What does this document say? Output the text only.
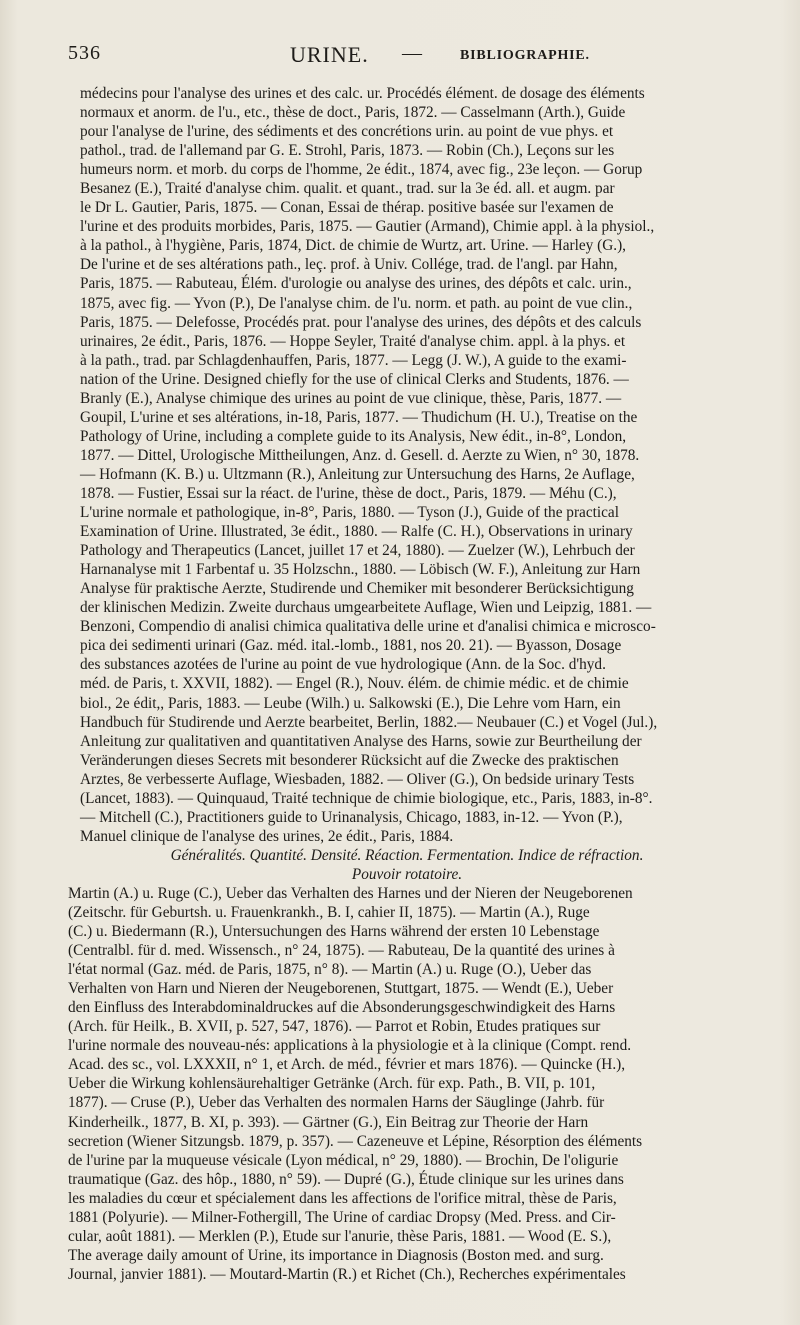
536	URINE. —	BIBLIOGRAPHIE.
médecins pour l'analyse des urines et des calc. ur. Procédés élément. de dosage des éléments
normaux et anorm. de l'u., etc., thèse de doct., Paris, 1872. — Casselmann (Arth.), Guide
pour l'analyse de l'urine, des sédiments et des concrétions urin. au point de vue phys. et
pathol., trad. de l'allemand par G. E. Strohl, Paris, 1873. — Robin (Ch.), Leçons sur les
humeurs norm. et morb. du corps de l'homme, 2e édit., 1874, avec fig., 23e leçon. — Gorup
Besanez (E.), Traité d'analyse chim. qualit. et quant., trad. sur la 3e éd. all. et augm. par
le Dr L. Gautier, Paris, 1875. — Conan, Essai de thérap. positive basée sur l'examen de
l'urine et des produits morbides, Paris, 1875. — Gautier (Armand), Chimie appl. à la physiol.,
à la pathol., à l'hygiène, Paris, 1874, Dict. de chimie de Wurtz, art. Urine. — Harley (G.),
De l'urine et de ses altérations path., leç. prof. à Univ. Collége, trad. de l'angl. par Hahn,
Paris, 1875. — Rabuteau, Élém. d'urologie ou analyse des urines, des dépôts et calc. urin.,
1875, avec fig. — Yvon (P.), De l'analyse chim. de l'u. norm. et path. au point de vue clin.,
Paris, 1875. — Delefosse, Procédés prat. pour l'analyse des urines, des dépôts et des calculs
urinaires, 2e édit., Paris, 1876. — Hoppe Seyler, Traité d'analyse chim. appl. à la phys. et
à la path., trad. par Schlagdenhauffen, Paris, 1877. — Legg (J. W.), A guide to the exami-
nation of the Urine. Designed chiefly for the use of clinical Clerks and Students, 1876. —
Branly (E.), Analyse chimique des urines au point de vue clinique, thèse, Paris, 1877. —
Goupil, L'urine et ses altérations, in-18, Paris, 1877. — Thudichum (H. U.), Treatise on the
Pathology of Urine, including a complete guide to its Analysis, New édit., in-8°, London,
1877. — Dittel, Urologische Mittheilungen, Anz. d. Gesell. d. Aerzte zu Wien, n° 30, 1878.
— Hofmann (K. B.) u. Ultzmann (R.), Anleitung zur Untersuchung des Harns, 2e Auflage,
1878. — Fustier, Essai sur la réact. de l'urine, thèse de doct., Paris, 1879. — Méhu (C.),
L'urine normale et pathologique, in-8°, Paris, 1880. — Tyson (J.), Guide of the practical
Examination of Urine. Illustrated, 3e édit., 1880. — Ralfe (C. H.), Observations in urinary
Pathology and Therapeutics (Lancet, juillet 17 et 24, 1880). — Zuelzer (W.), Lehrbuch der
Harnanalyse mit 1 Farbentaf u. 35 Holzschn., 1880. — Löbisch (W. F.), Anleitung zur Harn
Analyse für praktische Aerzte, Studirende und Chemiker mit besonderer Berücksichtigung
der klinischen Medizin. Zweite durchaus umgearbeitete Auflage, Wien und Leipzig, 1881. —
Benzoni, Compendio di analisi chimica qualitativa delle urine et d'analisi chimica e microsco-
pica dei sedimenti urinari (Gaz. méd. ital.-lomb., 1881, nos 20. 21). — Byasson, Dosage
des substances azotées de l'urine au point de vue hydrologique (Ann. de la Soc. d'hyd.
méd. de Paris, t. XXVII, 1882). — Engel (R.), Nouv. élém. de chimie médic. et de chimie
biol., 2e édit,, Paris, 1883. — Leube (Wilh.) u. Salkowski (E.), Die Lehre vom Harn, ein
Handbuch für Studirende und Aerzte bearbeitet, Berlin, 1882.— Neubauer (C.) et Vogel (Jul.),
Anleitung zur qualitativen and quantitativen Analyse des Harns, sowie zur Beurtheilung der
Veränderungen dieses Secrets mit besonderer Rücksicht auf die Zwecke des praktischen
Arztes, 8e verbesserte Auflage, Wiesbaden, 1882. — Oliver (G.), On bedside urinary Tests
(Lancet, 1883). — Quinquaud, Traité technique de chimie biologique, etc., Paris, 1883, in-8°.
— Mitchell (C.), Practitioners guide to Urinanalysis, Chicago, 1883, in-12. — Yvon (P.),
Manuel clinique de l'analyse des urines, 2e édit., Paris, 1884.
Généralités. Quantité. Densité. Réaction. Fermentation. Indice de réfraction.
Pouvoir rotatoire.
Martin (A.) u. Ruge (C.), Ueber das Verhalten des Harnes und der Nieren der Neugeborenen
(Zeitschr. für Geburtsh. u. Frauenkrankh., B. I, cahier II, 1875). — Martin (A.), Ruge
(C.) u. Biedermann (R.), Untersuchungen des Harns während der ersten 10 Lebenstage
(Centralbl. für d. med. Wissensch., n° 24, 1875). — Rabuteau, De la quantité des urines à
l'état normal (Gaz. méd. de Paris, 1875, n° 8). — Martin (A.) u. Ruge (O.), Ueber das
Verhalten von Harn und Nieren der Neugeborenen, Stuttgart, 1875. — Wendt (E.), Ueber
den Einfluss des Interabdominaldruckes auf die Absonderungsgeschwindigkeit des Harns
(Arch. für Heilk., B. XVII, p. 527, 547, 1876). — Parrot et Robin, Etudes pratiques sur
l'urine normale des nouveau-nés: applications à la physiologie et à la clinique (Compt. rend.
Acad. des sc., vol. LXXXII, n° 1, et Arch. de méd., février et mars 1876). — Quincke (H.),
Ueber die Wirkung kohlensäurehaltiger Getränke (Arch. für exp. Path., B. VII, p. 101,
1877). — Cruse (P.), Ueber das Verhalten des normalen Harns der Säuglinge (Jahrb. für
Kinderheilk., 1877, B. XI, p. 393). — Gärtner (G.), Ein Beitrag zur Theorie der Harn
secretion (Wiener Sitzungsb. 1879, p. 357). — Cazeneuve et Lépine, Résorption des éléments
de l'urine par la muqueuse vésicale (Lyon médical, n° 29, 1880). — Brochin, De l'oligurie
traumatique (Gaz. des hôp., 1880, n° 59). — Dupré (G.), Étude clinique sur les urines dans
les maladies du cœur et spécialement dans les affections de l'orifice mitral, thèse de Paris,
1881 (Polyurie). — Milner-Fothergill, The Urine of cardiac Dropsy (Med. Press. and Cir-
cular, août 1881). — Merklen (P.), Etude sur l'anurie, thèse Paris, 1881. — Wood (E. S.),
The average daily amount of Urine, its importance in Diagnosis (Boston med. and surg.
Journal, janvier 1881). — Moutard-Martin (R.) et Richet (Ch.), Recherches expérimentales
